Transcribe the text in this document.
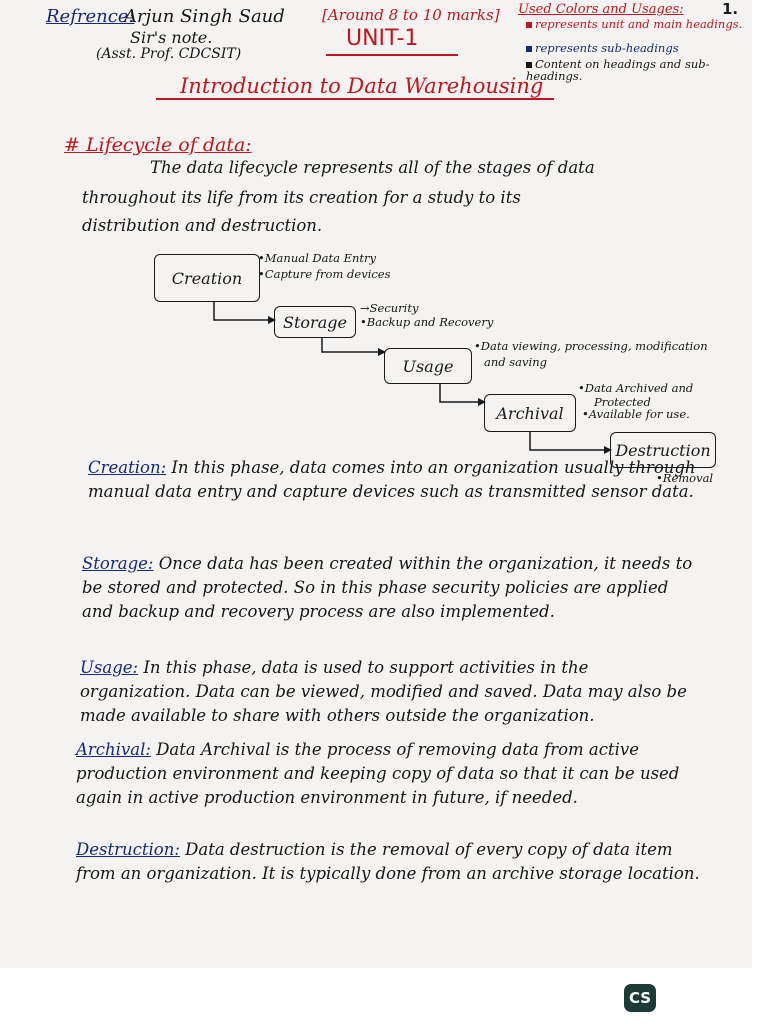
Refrence:
Arjun Singh Saud
Sir's note.
(Asst. Prof. CDCSIT)
[Around 8 to 10 marks]
UNIT-1
Introduction to Data Warehousing
Used Colors and Usages:
represents unit and main headings.
represents sub-headings
Content on headings and sub-headings.
1.
# Lifecycle of data:
The data lifecycle represents all of the stages of data
throughout its life from its creation for a study to its
distribution and destruction.
Creation
•Manual Data Entry
•Capture from devices
Storage
→Security
•Backup and Recovery
Usage
•Data viewing, processing, modification
and saving
Archival
•Data Archived and
Protected
•Available for use.
Destruction
•Removal
Creation: In this phase, data comes into an organization usually through manual data entry and capture devices such as transmitted sensor data.
Storage: Once data has been created within the organization, it needs to be stored and protected. So in this phase security policies are applied and backup and recovery process are also implemented.
Usage: In this phase, data is used to support activities in the organization. Data can be viewed, modified and saved. Data may also be made available to share with others outside the organization.
Archival: Data Archival is the process of removing data from active production environment and keeping copy of data so that it can be used again in active production environment in future, if needed.
Destruction: Data destruction is the removal of every copy of data item from an organization. It is typically done from an archive storage location.
CS
